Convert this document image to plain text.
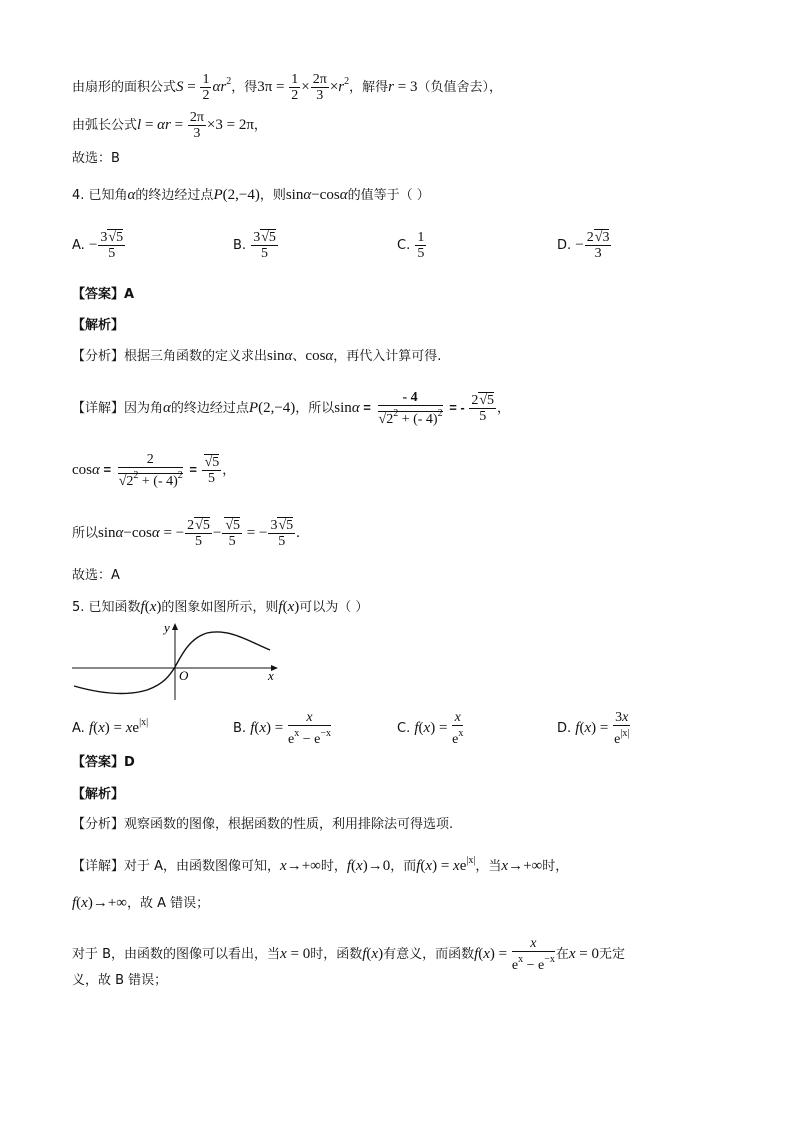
由扇形的面积公式$S = \frac{1}{2} \alpha r^2$，得$3\pi = \frac{1}{2} \times \frac{2\pi}{3} \times r^2$，解得r = 3（负值舍去），
由弧长公式$l = \alpha r = \frac{2\pi}{3} \times 3 = 2\pi$，
故选：B
4. 已知角α的终边经过点P(2,−4)，则sinα−cosα的值等于（ ）
A. − $\frac{3√5}{5}$	B. $\frac{3√5}{5}$	C. $\frac{1}{5}$	D. − $\frac{2√3}{3}$
【答案】A
【解析】
【分析】根据三角函数的定义求出sinα、cosα，再代入计算可得.
【详解】因为角α的终边经过点P(2,−4)，所以$\sin\alpha = \frac{- 4}{√2^2 + (- 4)^2}$ = - $\frac{2√5}{5}$ ，
$\cos\alpha = \frac{2}{√2^2 + (- 4)^2} = \frac{√5}{5}$ ，
所以sinα−cosα = − $\frac{2√5}{5} - \frac{√5}{5}$ = − $\frac{3√5}{5}$ .
故选：A
5. 已知函数f(x)的图象如图所示，则f(x)可以为（ ）
y
x
O
A. $f(x) = xe^{|x|}$	B. $f(x) = \frac{x}{e^x - e^{-x}}$	C. $f(x) = \frac{x}{e^x}$	D. $f(x) = \frac{3x}{e^{|x|}}$
【答案】D
【解析】
【分析】观察函数的图像，根据函数的性质，利用排除法可得选项.
【详解】对于 A，由函数图像可知，x→+∞时，f(x)→0，而$f(x) = xe^{|x|}$，当x→+∞时，
f(x)→+∞，故 A 错误；
对于 B，由函数的图像可以看出，当x = 0时，函数f(x)有意义，而函数$f(x) = \frac{x}{e^x - e^{-x}}$ 在x = 0无定
义，故 B 错误；
